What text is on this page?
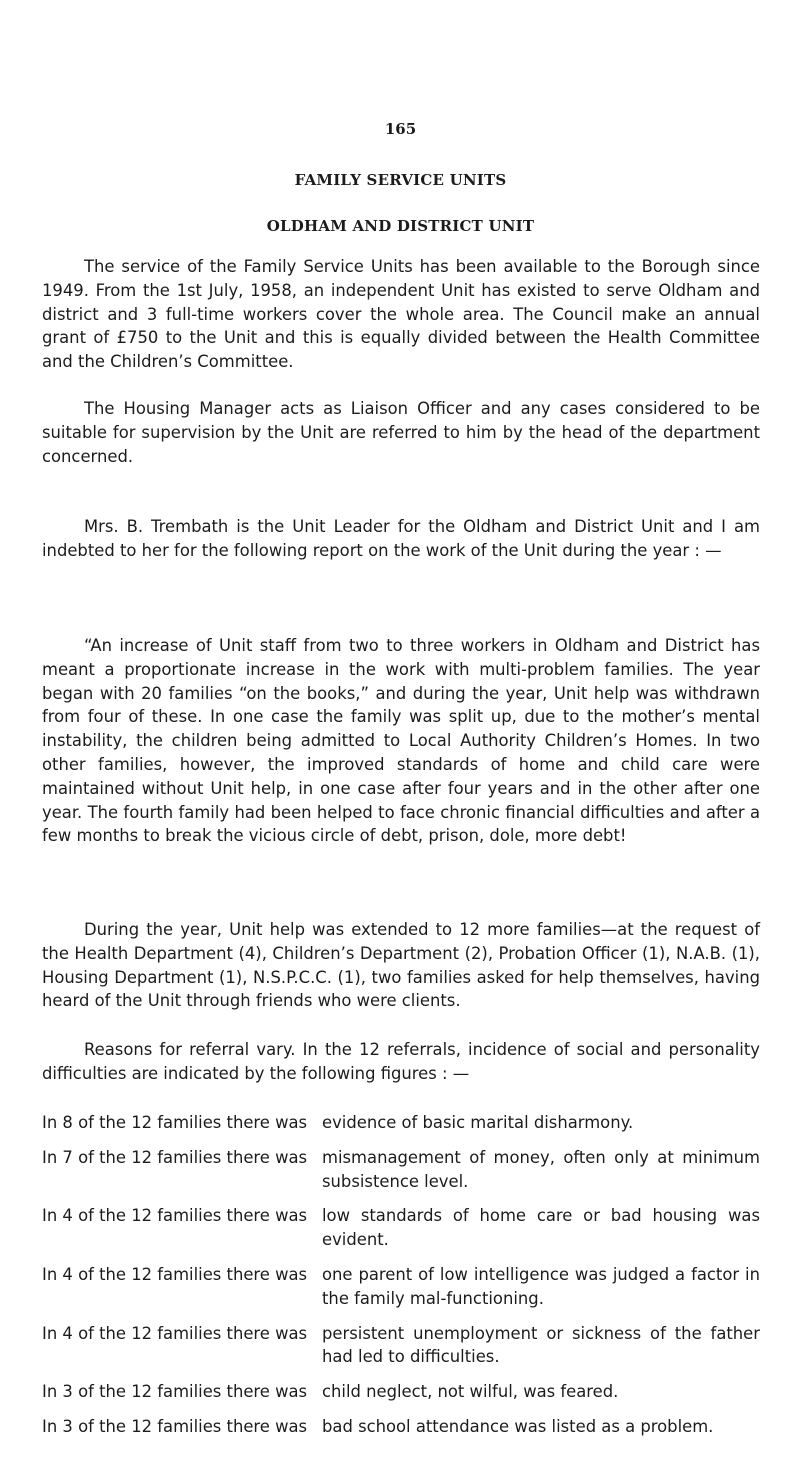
165
FAMILY SERVICE UNITS
OLDHAM AND DISTRICT UNIT

The service of the Family Service Units has been available to the Borough since 1949. From the 1st July, 1958, an independent Unit has existed to serve Oldham and district and 3 full-time workers cover the whole area. The Council make an annual grant of £750 to the Unit and this is equally divided between the Health Committee and the Children’s Committee.

The Housing Manager acts as Liaison Officer and any cases considered to be suitable for supervision by the Unit are referred to him by the head of the department concerned.

Mrs. B. Trembath is the Unit Leader for the Oldham and District Unit and I am indebted to her for the following report on the work of the Unit during the year : —

“An increase of Unit staff from two to three workers in Oldham and District has meant a proportionate increase in the work with multi-problem families. The year began with 20 families “on the books,” and during the year, Unit help was withdrawn from four of these. In one case the family was split up, due to the mother’s mental instability, the children being admitted to Local Authority Children’s Homes. In two other families, however, the improved standards of home and child care were maintained without Unit help, in one case after four years and in the other after one year. The fourth family had been helped to face chronic financial difficulties and after a few months to break the vicious circle of debt, prison, dole, more debt!

During the year, Unit help was extended to 12 more families—at the request of the Health Department (4), Children’s Department (2), Probation Officer (1), N.A.B. (1), Housing Department (1), N.S.P.C.C. (1), two families asked for help themselves, having heard of the Unit through friends who were clients.

Reasons for referral vary. In the 12 referrals, incidence of social and personality difficulties are indicated by the following figures : —

In 8 of the 12 families there was evidence of basic marital disharmony.
In 7 of the 12 families there was mismanagement of money, often only at minimum subsistence level.
In 4 of the 12 families there was low standards of home care or bad housing was evident.
In 4 of the 12 families there was one parent of low intelligence was judged a factor in the family mal-functioning.
In 4 of the 12 families there was persistent unemployment or sickness of the father had led to difficulties.
In 3 of the 12 families there was child neglect, not wilful, was feared.
In 3 of the 12 families there was bad school attendance was listed as a problem.
